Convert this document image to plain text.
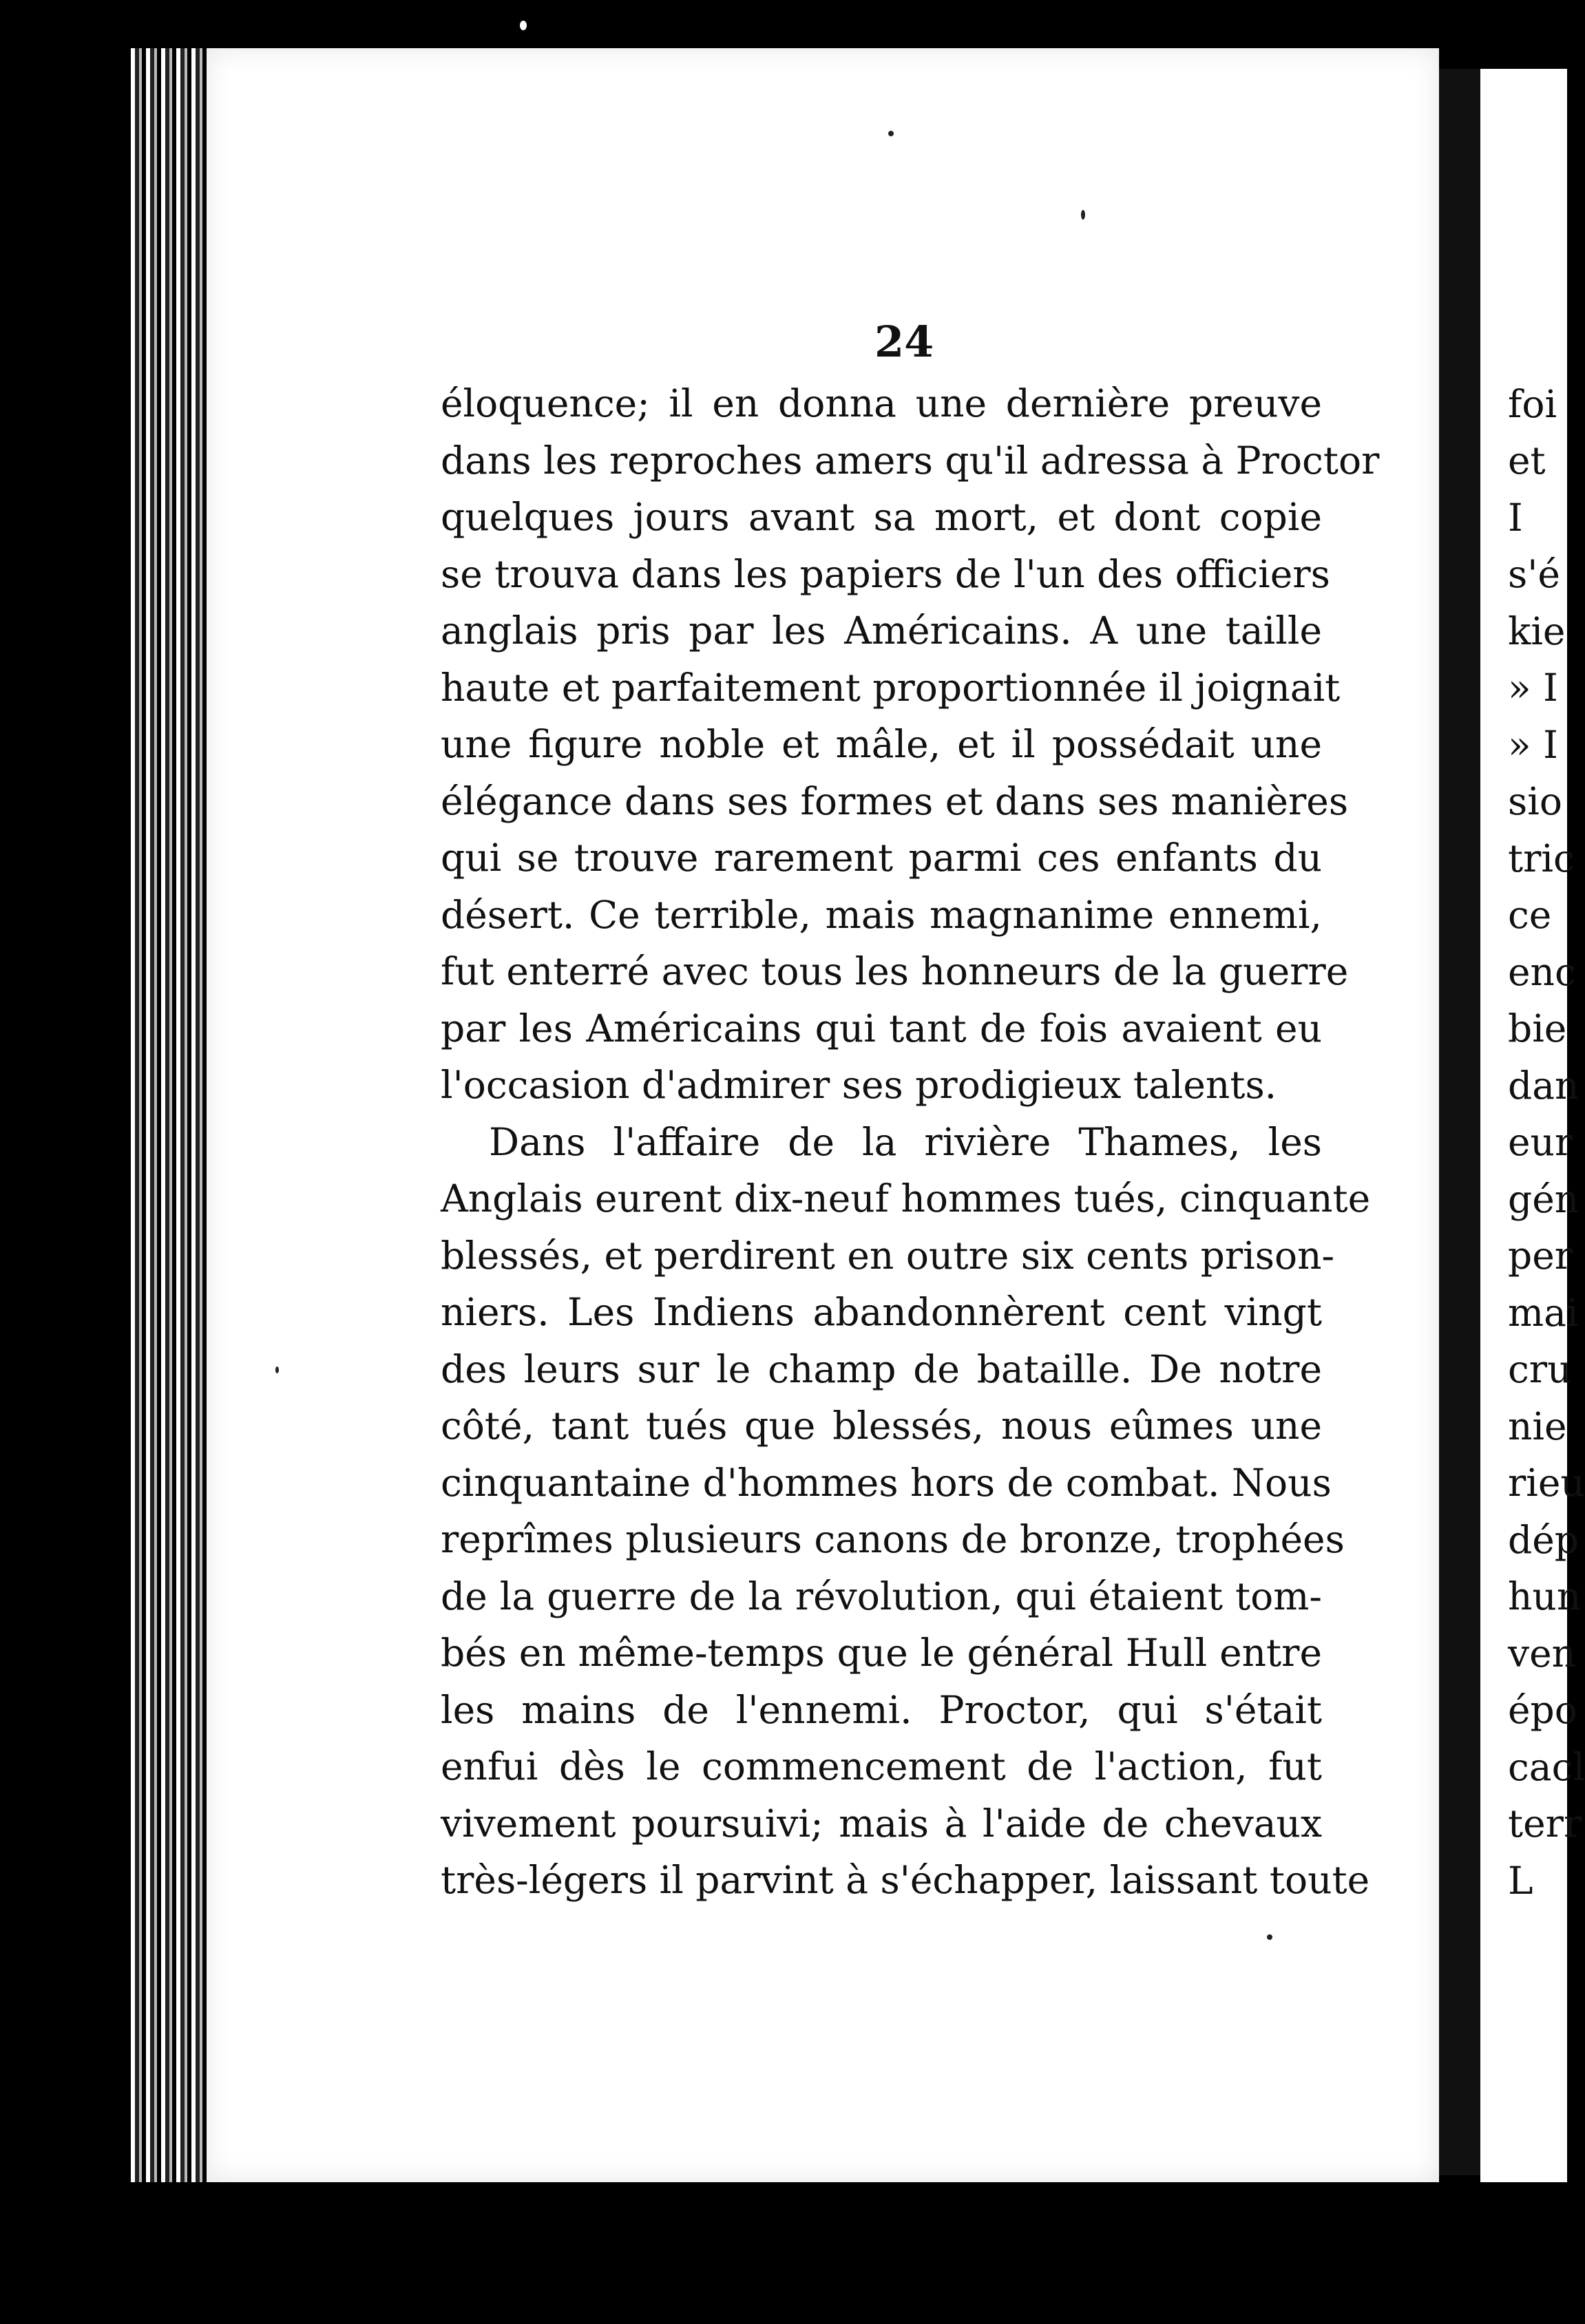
24
éloquence; il en donna une dernière preuve
dans les reproches amers qu'il adressa à Proctor
quelques jours avant sa mort, et dont copie
se trouva dans les papiers de l'un des officiers
anglais pris par les Américains. A une taille
haute et parfaitement proportionnée il joignait
une figure noble et mâle, et il possédait une
élégance dans ses formes et dans ses manières
qui se trouve rarement parmi ces enfants du
désert. Ce terrible, mais magnanime ennemi,
fut enterré avec tous les honneurs de la guerre
par les Américains qui tant de fois avaient eu
l'occasion d'admirer ses prodigieux talents.
Dans l'affaire de la rivière Thames, les
Anglais eurent dix-neuf hommes tués, cinquante
blessés, et perdirent en outre six cents prison-
niers. Les Indiens abandonnèrent cent vingt
des leurs sur le champ de bataille. De notre
côté, tant tués que blessés, nous eûmes une
cinquantaine d'hommes hors de combat. Nous
reprîmes plusieurs canons de bronze, trophées
de la guerre de la révolution, qui étaient tom-
bés en même-temps que le général Hull entre
les mains de l'ennemi. Proctor, qui s'était
enfui dès le commencement de l'action, fut
vivement poursuivi; mais à l'aide de chevaux
très-légers il parvint à s'échapper, laissant toute
foi
et
I
s'é
kie
» I
» I
sio
tric
ce
enc
bie
dan
eur
gén
per
mai
cru
nie
rieu
dép
hun
ven
épo
cacl
terr
L
